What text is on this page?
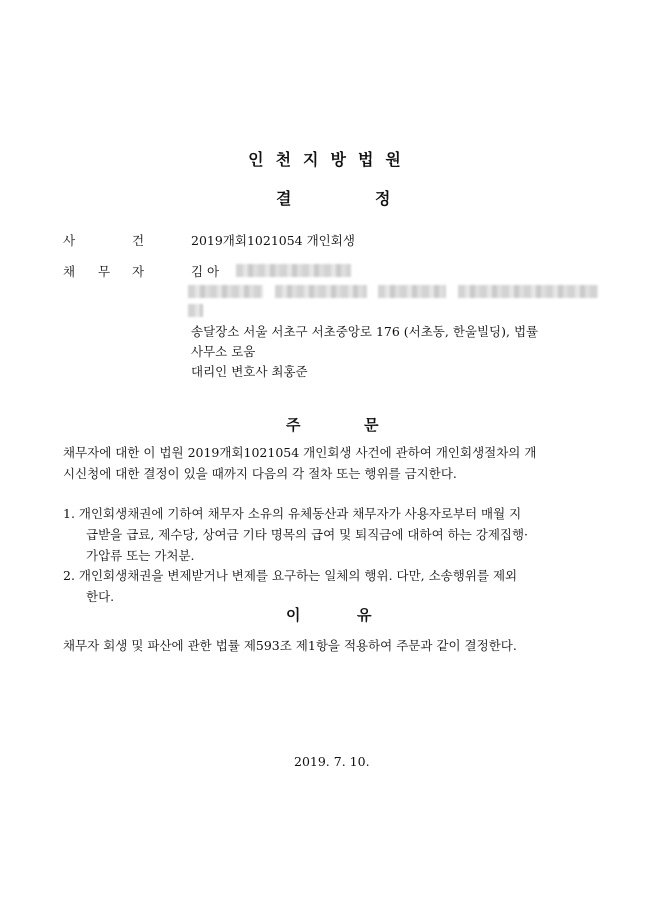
인천지방법원
결	정
사	건	2019개회1021054 개인회생
채 무 자	김 아
송달장소 서울 서초구 서초중앙로 176 (서초동, 한울빌딩), 법률
사무소 로움
대리인 변호사 최홍준
주	문
채무자에 대한 이 법원 2019개회1021054 개인회생 사건에 관하여 개인회생절차의 개
시신청에 대한 결정이 있을 때까지 다음의 각 절차 또는 행위를 금지한다.
1. 개인회생채권에 기하여 채무자 소유의 유체동산과 채무자가 사용자로부터 매월 지
급받을 급료, 제수당, 상여금 기타 명목의 급여 및 퇴직금에 대하여 하는 강제집행·
가압류 또는 가처분.
2. 개인회생채권을 변제받거나 변제를 요구하는 일체의 행위. 다만, 소송행위를 제외
한다.
이	유
채무자 회생 및 파산에 관한 법률 제593조 제1항을 적용하여 주문과 같이 결정한다.
2019. 7. 10.
